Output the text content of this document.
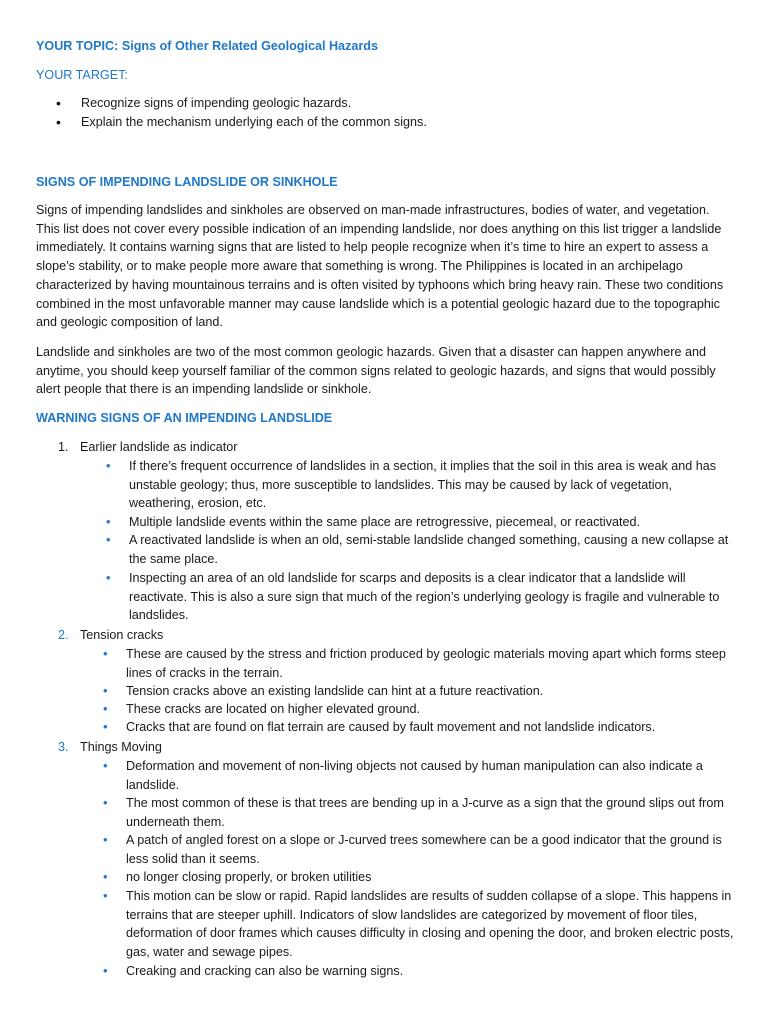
YOUR TOPIC: Signs of Other Related Geological Hazards

YOUR TARGET:

• Recognize signs of impending geologic hazards.
• Explain the mechanism underlying each of the common signs.

SIGNS OF IMPENDING LANDSLIDE OR SINKHOLE

Signs of impending landslides and sinkholes are observed on man-made infrastructures, bodies of water, and vegetation. This list does not cover every possible indication of an impending landslide, nor does anything on this list trigger a landslide immediately. It contains warning signs that are listed to help people recognize when it’s time to hire an expert to assess a slope’s stability, or to make people more aware that something is wrong. The Philippines is located in an archipelago characterized by having mountainous terrains and is often visited by typhoons which bring heavy rain. These two conditions combined in the most unfavorable manner may cause landslide which is a potential geologic hazard due to the topographic and geologic composition of land.

Landslide and sinkholes are two of the most common geologic hazards. Given that a disaster can happen anywhere and anytime, you should keep yourself familiar of the common signs related to geologic hazards, and signs that would possibly alert people that there is an impending landslide or sinkhole.

WARNING SIGNS OF AN IMPENDING LANDSLIDE

1. Earlier landslide as indicator

• If there’s frequent occurrence of landslides in a section, it implies that the soil in this area is weak and has unstable geology; thus, more susceptible to landslides. This may be caused by lack of vegetation, weathering, erosion, etc.
• Multiple landslide events within the same place are retrogressive, piecemeal, or reactivated.
• A reactivated landslide is when an old, semi-stable landslide changed something, causing a new collapse at the same place.
• Inspecting an area of an old landslide for scarps and deposits is a clear indicator that a landslide will reactivate. This is also a sure sign that much of the region’s underlying geology is fragile and vulnerable to landslides.

2. Tension cracks

• These are caused by the stress and friction produced by geologic materials moving apart which forms steep lines of cracks in the terrain.
• Tension cracks above an existing landslide can hint at a future reactivation.
• These cracks are located on higher elevated ground.
• Cracks that are found on flat terrain are caused by fault movement and not landslide indicators.

3. Things Moving

• Deformation and movement of non-living objects not caused by human manipulation can also indicate a landslide.
• The most common of these is that trees are bending up in a J-curve as a sign that the ground slips out from underneath them.
• A patch of angled forest on a slope or J-curved trees somewhere can be a good indicator that the ground is less solid than it seems.
• no longer closing properly, or broken utilities
• This motion can be slow or rapid. Rapid landslides are results of sudden collapse of a slope. This happens in terrains that are steeper uphill. Indicators of slow landslides are categorized by movement of floor tiles, deformation of door frames which causes difficulty in closing and opening the door, and broken electric posts, gas, water and sewage pipes.
• Creaking and cracking can also be warning signs.
